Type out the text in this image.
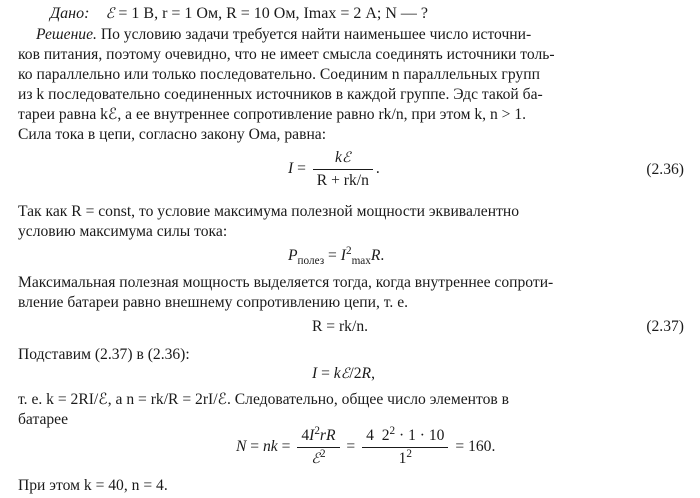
Дано: ℰ = 1 В, r = 1 Ом, R = 10 Ом, Imax = 2 А; N — ?
Решение. По условию задачи требуется найти наименьшее число источни-
ков питания, поэтому очевидно, что не имеет смысла соединять источники толь-
ко параллельно или только последовательно. Соединим n параллельных групп
из k последовательно соединенных источников в каждой группе. Эдс такой ба-
тареи равна kℰ, а ее внутреннее сопротивление равно rk/n, при этом k, n > 1.
Сила тока в цепи, согласно закону Ома, равна:
$I = \frac{\text{kℰ}}{R + rk/n}$ .	(2.36)
Так как R = const, то условие максимума полезной мощности эквивалентно
условию максимума силы тока:
$P_{полез} = I^2_{max}R$.
Максимальная полезная мощность выделяется тогда, когда внутреннее сопроти-
вление батареи равно внешнему сопротивлению цепи, т. е.
R = rk/n.	(2.37)
Подставим (2.37) в (2.36):
I = kℰ/2R,
т. е. k = 2RI/ℰ, а n = rk/R = 2rI/ℰ. Следовательно, общее число элементов в
батарее
N = nk = $\frac{4I^2rR}{ℰ^2} = \frac{4 2^2 \cdot 1 \cdot 10}{1^2} = 160$.
При этом k = 40, n = 4.
